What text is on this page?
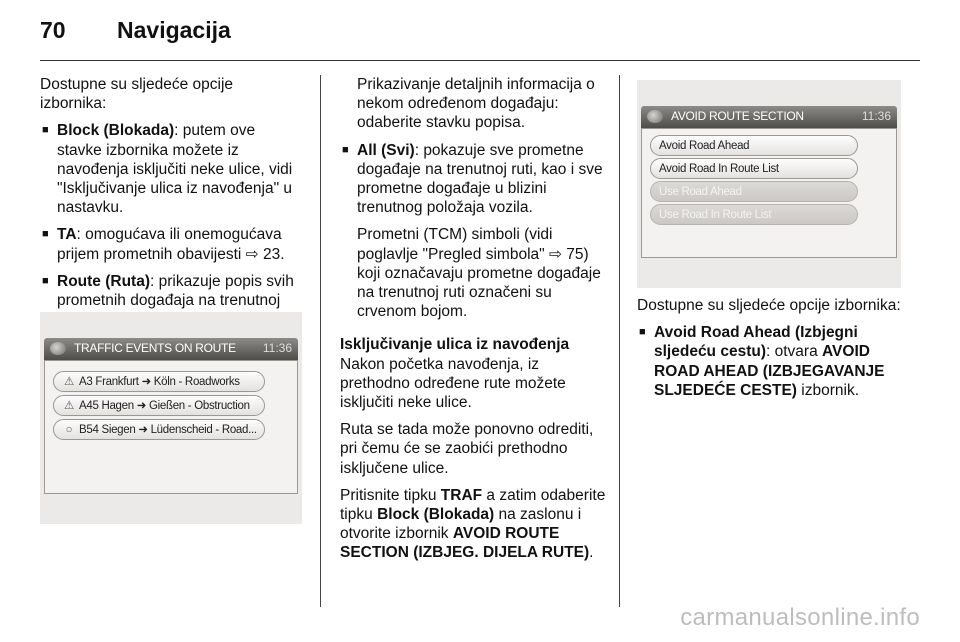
70 Navigacija

Dostupne su sljedeće opcije izbornika:

■ Block (Blokada): putem ove stavke izbornika možete iz navođenja isključiti neke ulice, vidi "Isključivanje ulica iz navođenja" u nastavku.
■ TA: omogućava ili onemogućava prijem prometnih obavijesti ⇨ 23.
■ Route (Ruta): prikazuje popis svih prometnih događaja na trenutnoj
TRAFFIC EVENTS ON ROUTE 11:36
⚠ A3 Frankfurt ➜ Köln - Roadworks
⚠ A45 Hagen ➜ Gießen - Obstruction
○ B54 Siegen ➜ Lüdenscheid - Road...

Prikazivanje detaljnih informacija o nekom određenom događaju: odaberite stavku popisa.

■ All (Svi): pokazuje sve prometne događaje na trenutnoj ruti, kao i sve prometne događaje u blizini trenutnog položaja vozila.

Prometni (TCM) simboli (vidi poglavlje "Pregled simbola" ⇨ 75) koji označavaju prometne događaje na trenutnoj ruti označeni su crvenom bojom.

Isključivanje ulica iz navođenja

Nakon početka navođenja, iz prethodno određene rute možete isključiti neke ulice.

Ruta se tada može ponovno odrediti, pri čemu će se zaobići prethodno isključene ulice.

Pritisnite tipku TRAF a zatim odaberite tipku Block (Blokada) na zaslonu i otvorite izbornik AVOID ROUTE SECTION (IZBJEG. DIJELA RUTE).

AVOID ROUTE SECTION	11:36
Avoid Road Ahead
Avoid Road In Route List
Use Road Ahead
Use Road In Route List

Dostupne su sljedeće opcije izbornika:

■ Avoid Road Ahead (Izbjegni sljedeću cestu): otvara AVOID ROAD AHEAD (IZBJEGAVANJE SLJEDEĆE CESTE) izbornik.
carmanualsonline.info
